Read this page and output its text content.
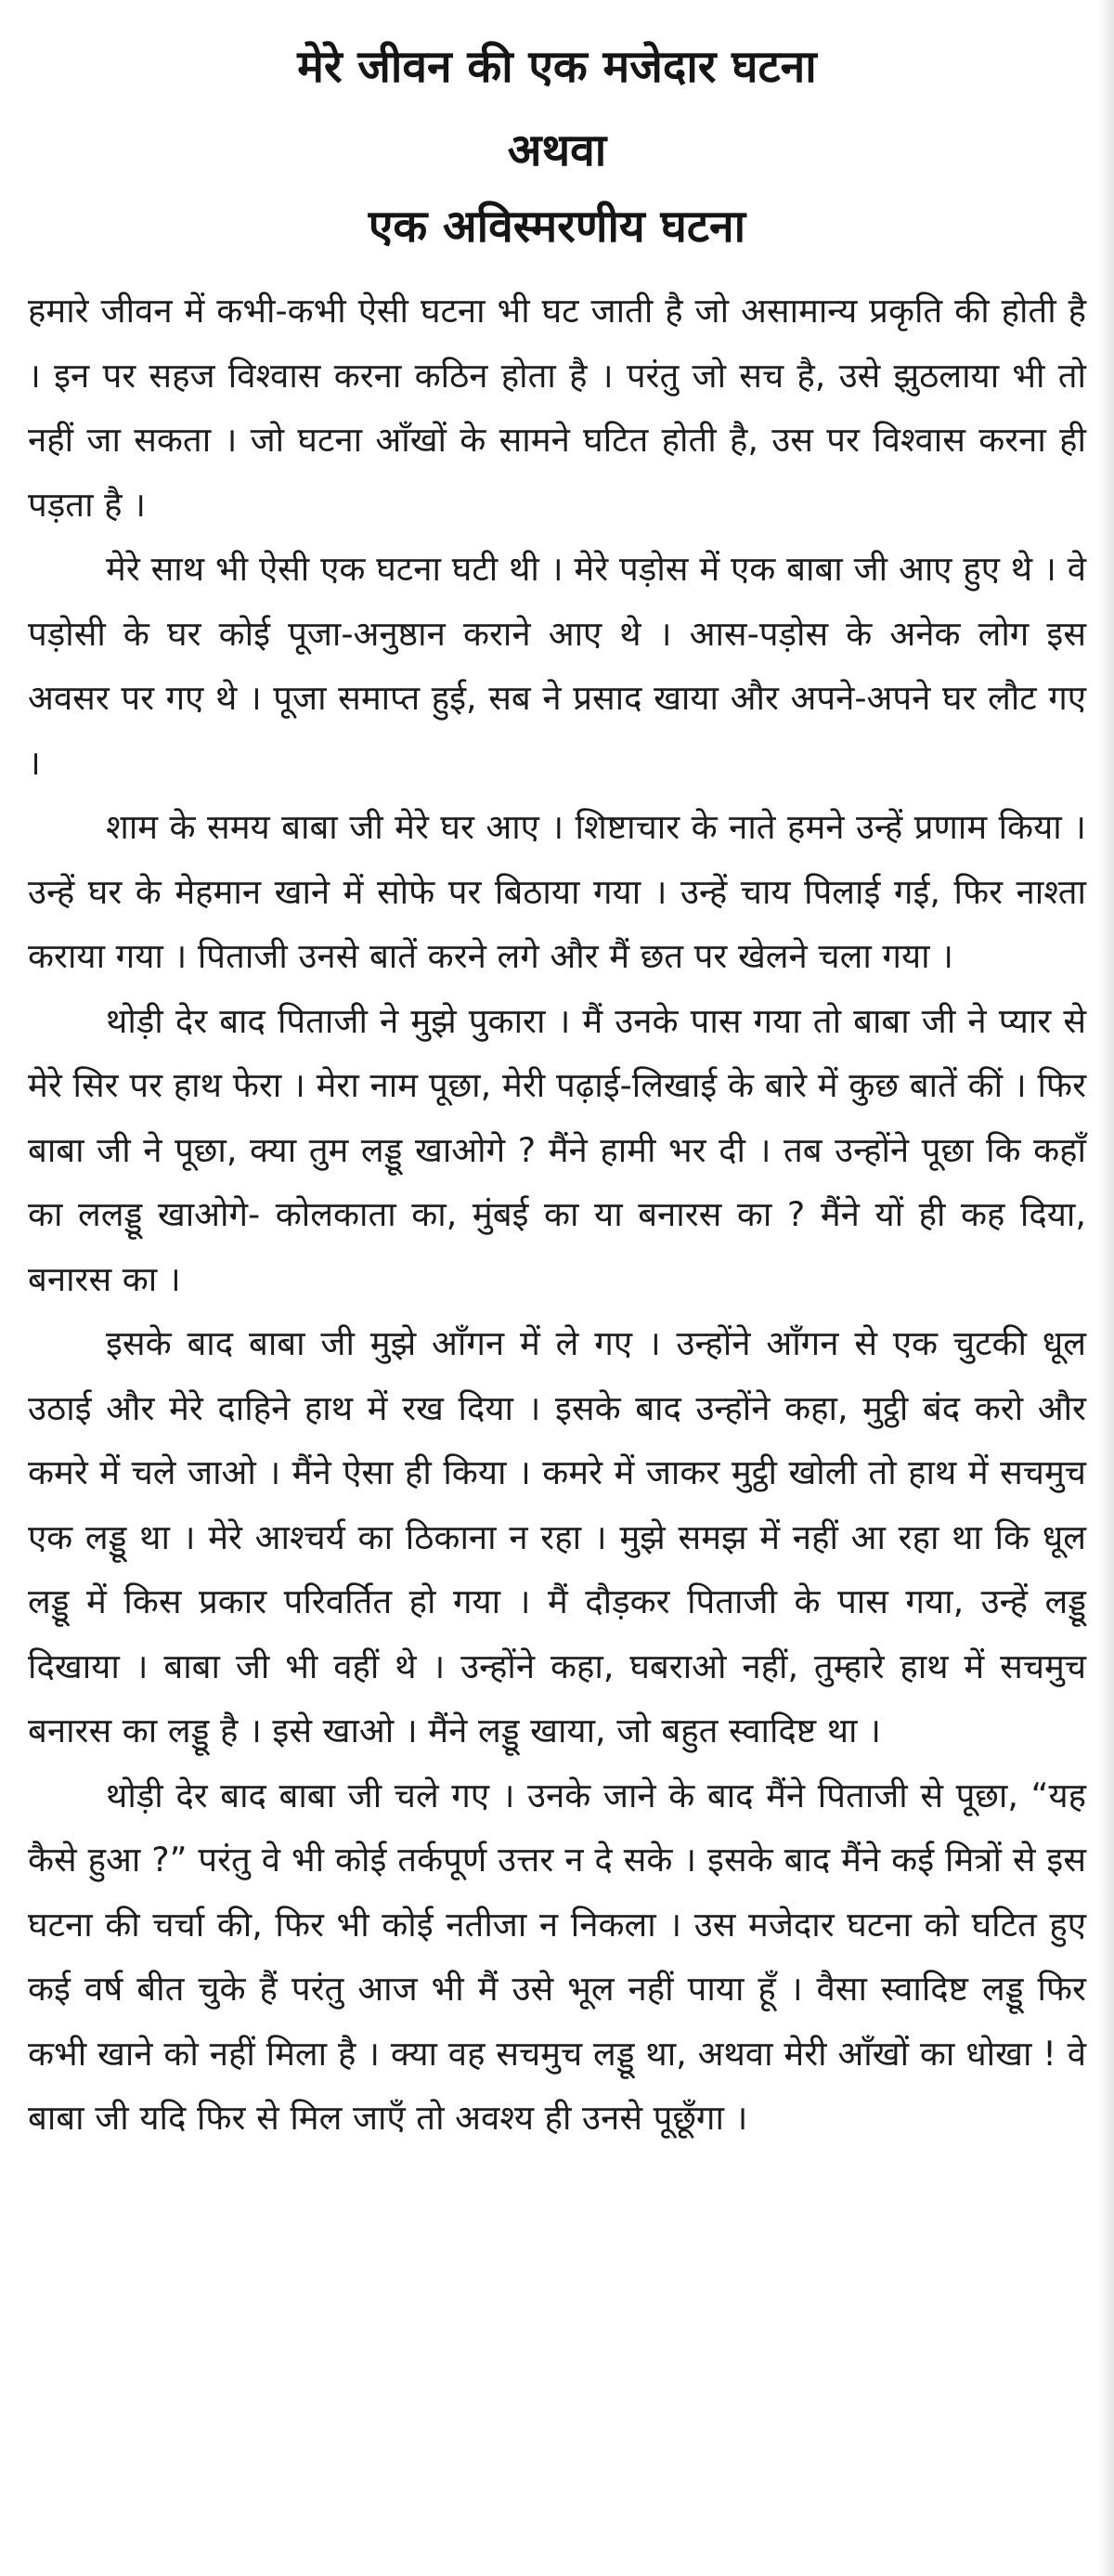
मेरे जीवन की एक मजेदार घटना
अथवा
एक अविस्मरणीय घटना

हमारे जीवन में कभी-कभी ऐसी घटना भी घट जाती है जो असामान्य प्रकृति की होती है । इन पर सहज विश्वास करना कठिन होता है । परंतु जो सच है, उसे झुठलाया भी तो नहीं जा सकता । जो घटना आँखों के सामने घटित होती है, उस पर विश्वास करना ही पड़ता है ।

मेरे साथ भी ऐसी एक घटना घटी थी । मेरे पड़ोस में एक बाबा जी आए हुए थे । वे पड़ोसी के घर कोई पूजा-अनुष्ठान कराने आए थे । आस-पड़ोस के अनेक लोग इस अवसर पर गए थे । पूजा समाप्त हुई, सब ने प्रसाद खाया और अपने-अपने घर लौट गए ।

शाम के समय बाबा जी मेरे घर आए । शिष्टाचार के नाते हमने उन्हें प्रणाम किया । उन्हें घर के मेहमान खाने में सोफे पर बिठाया गया । उन्हें चाय पिलाई गई, फिर नाश्ता कराया गया । पिताजी उनसे बातें करने लगे और मैं छत पर खेलने चला गया ।

थोड़ी देर बाद पिताजी ने मुझे पुकारा । मैं उनके पास गया तो बाबा जी ने प्यार से मेरे सिर पर हाथ फेरा । मेरा नाम पूछा, मेरी पढ़ाई-लिखाई के बारे में कुछ बातें कीं । फिर बाबा जी ने पूछा, क्या तुम लड्डू खाओगे ? मैंने हामी भर दी । तब उन्होंने पूछा कि कहाँ का ललड्डू खाओगे- कोलकाता का, मुंबई का या बनारस का ? मैंने यों ही कह दिया, बनारस का ।

इसके बाद बाबा जी मुझे आँगन में ले गए । उन्होंने आँगन से एक चुटकी धूल उठाई और मेरे दाहिने हाथ में रख दिया । इसके बाद उन्होंने कहा, मुट्ठी बंद करो और कमरे में चले जाओ । मैंने ऐसा ही किया । कमरे में जाकर मुट्ठी खोली तो हाथ में सचमुच एक लड्डू था । मेरे आश्चर्य का ठिकाना न रहा । मुझे समझ में नहीं आ रहा था कि धूल लड्डू में किस प्रकार परिवर्तित हो गया । मैं दौड़कर पिताजी के पास गया, उन्हें लड्डू दिखाया । बाबा जी भी वहीं थे । उन्होंने कहा, घबराओ नहीं, तुम्हारे हाथ में सचमुच बनारस का लड्डू है । इसे खाओ । मैंने लड्डू खाया, जो बहुत स्वादिष्ट था ।

थोड़ी देर बाद बाबा जी चले गए । उनके जाने के बाद मैंने पिताजी से पूछा, “यह कैसे हुआ ?” परंतु वे भी कोई तर्कपूर्ण उत्तर न दे सके । इसके बाद मैंने कई मित्रों से इस घटना की चर्चा की, फिर भी कोई नतीजा न निकला । उस मजेदार घटना को घटित हुए कई वर्ष बीत चुके हैं परंतु आज भी मैं उसे भूल नहीं पाया हूँ । वैसा स्वादिष्ट लड्डू फिर कभी खाने को नहीं मिला है । क्या वह सचमुच लड्डू था, अथवा मेरी आँखों का धोखा ! वे बाबा जी यदि फिर से मिल जाएँ तो अवश्य ही उनसे पूछूँगा ।
